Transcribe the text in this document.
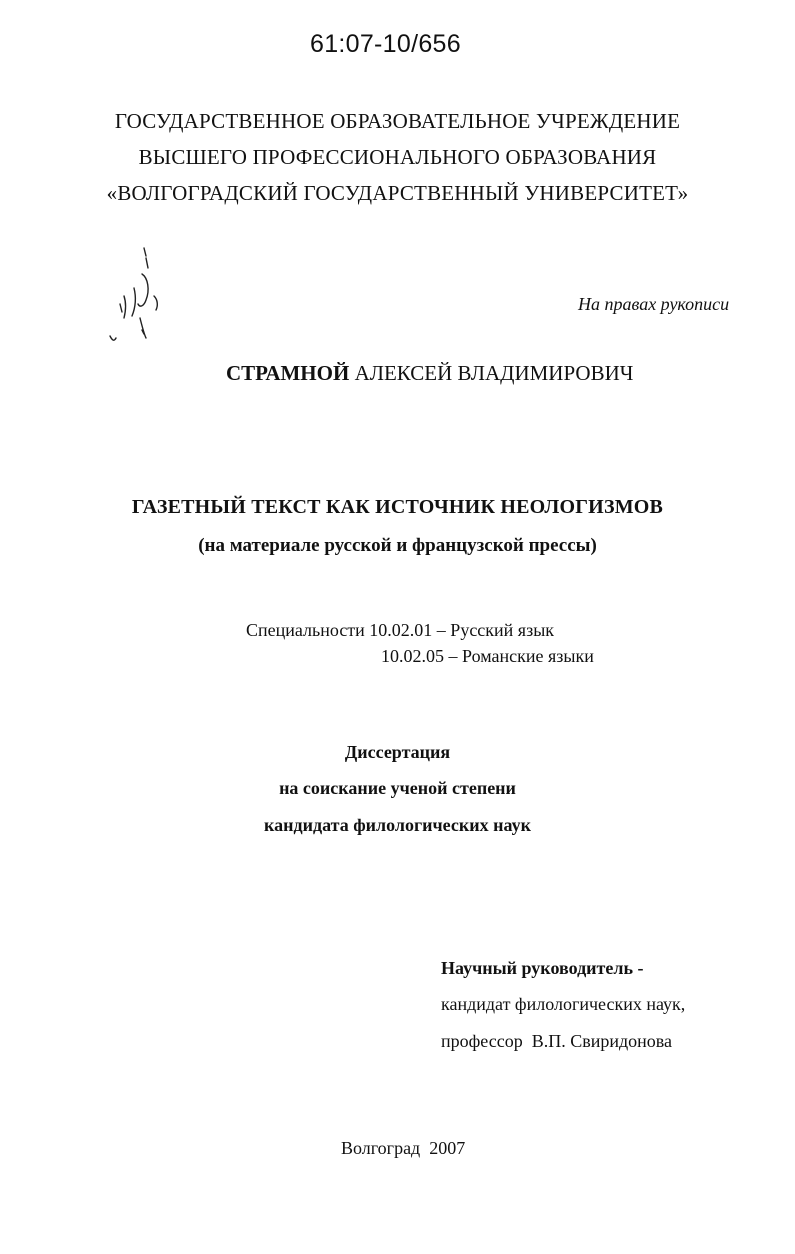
61:07-10/656
ГОСУДАРСТВЕННОЕ ОБРАЗОВАТЕЛЬНОЕ УЧРЕЖДЕНИЕ
ВЫСШЕГО ПРОФЕССИОНАЛЬНОГО ОБРАЗОВАНИЯ
«ВОЛГОГРАДСКИЙ ГОСУДАРСТВЕННЫЙ УНИВЕРСИТЕТ»
На правах рукописи
СТРАМНОЙ АЛЕКСЕЙ ВЛАДИМИРОВИЧ
ГАЗЕТНЫЙ ТЕКСТ КАК ИСТОЧНИК НЕОЛОГИЗМОВ
(на материале русской и французской прессы)
Специальности 10.02.01 – Русский язык
10.02.05 – Романские языки
Диссертация
на соискание ученой степени
кандидата филологических наук
Научный руководитель -
кандидат филологических наук,
профессор  В.П. Свиридонова
Волгоград  2007
